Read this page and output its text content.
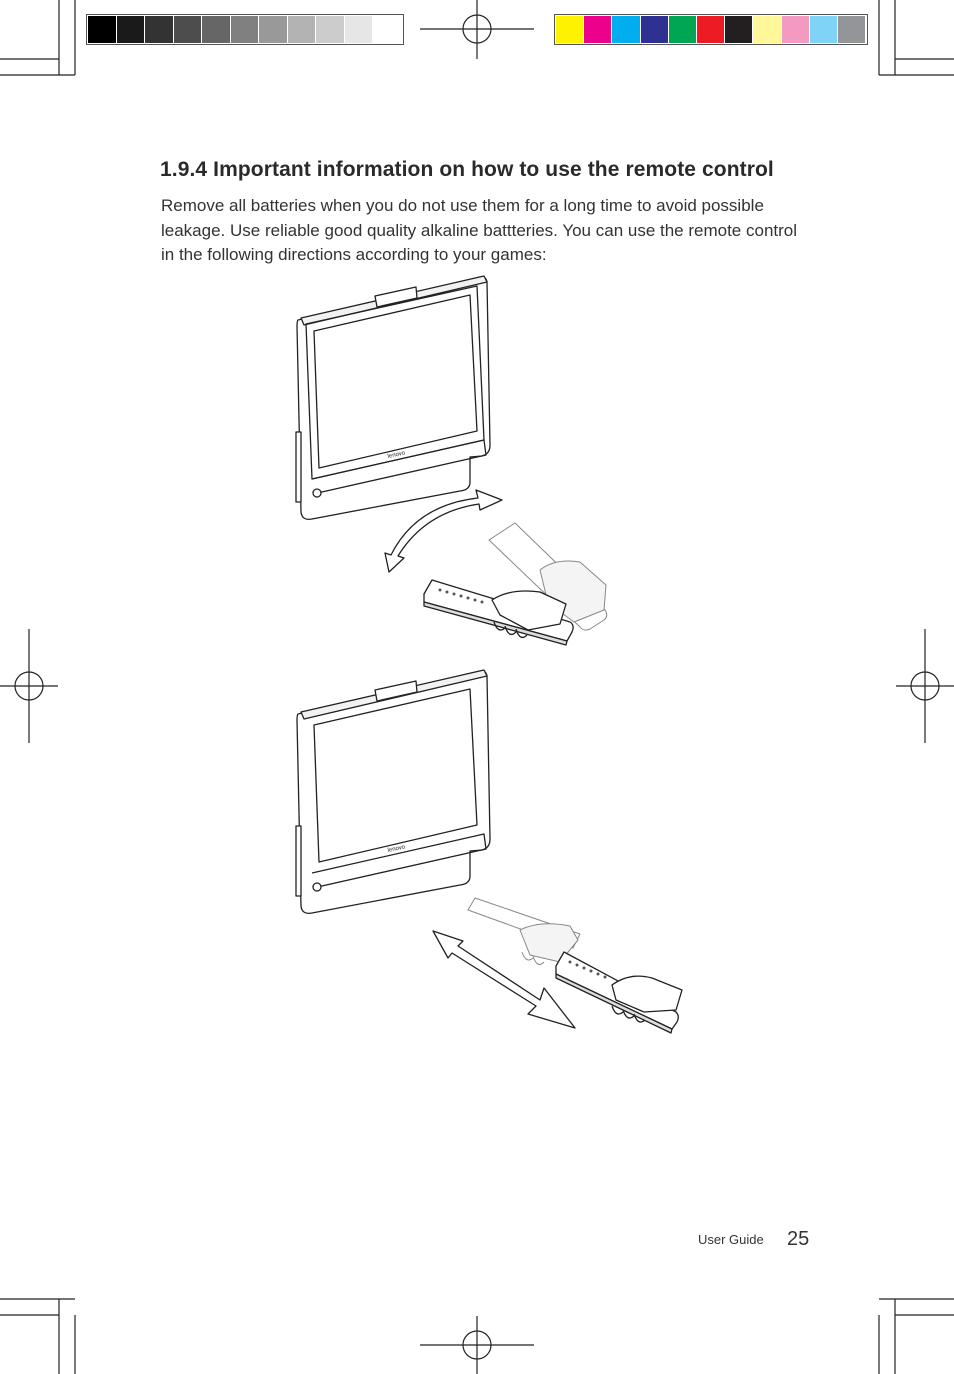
1.9.4 Important information on how to use the remote control

Remove all batteries when you do not use them for a long time to avoid possible leakage. Use reliable good quality alkaline battteries. You can use the remote control in the following directions according to your games:

lenovo
lenovo
User Guide 25
